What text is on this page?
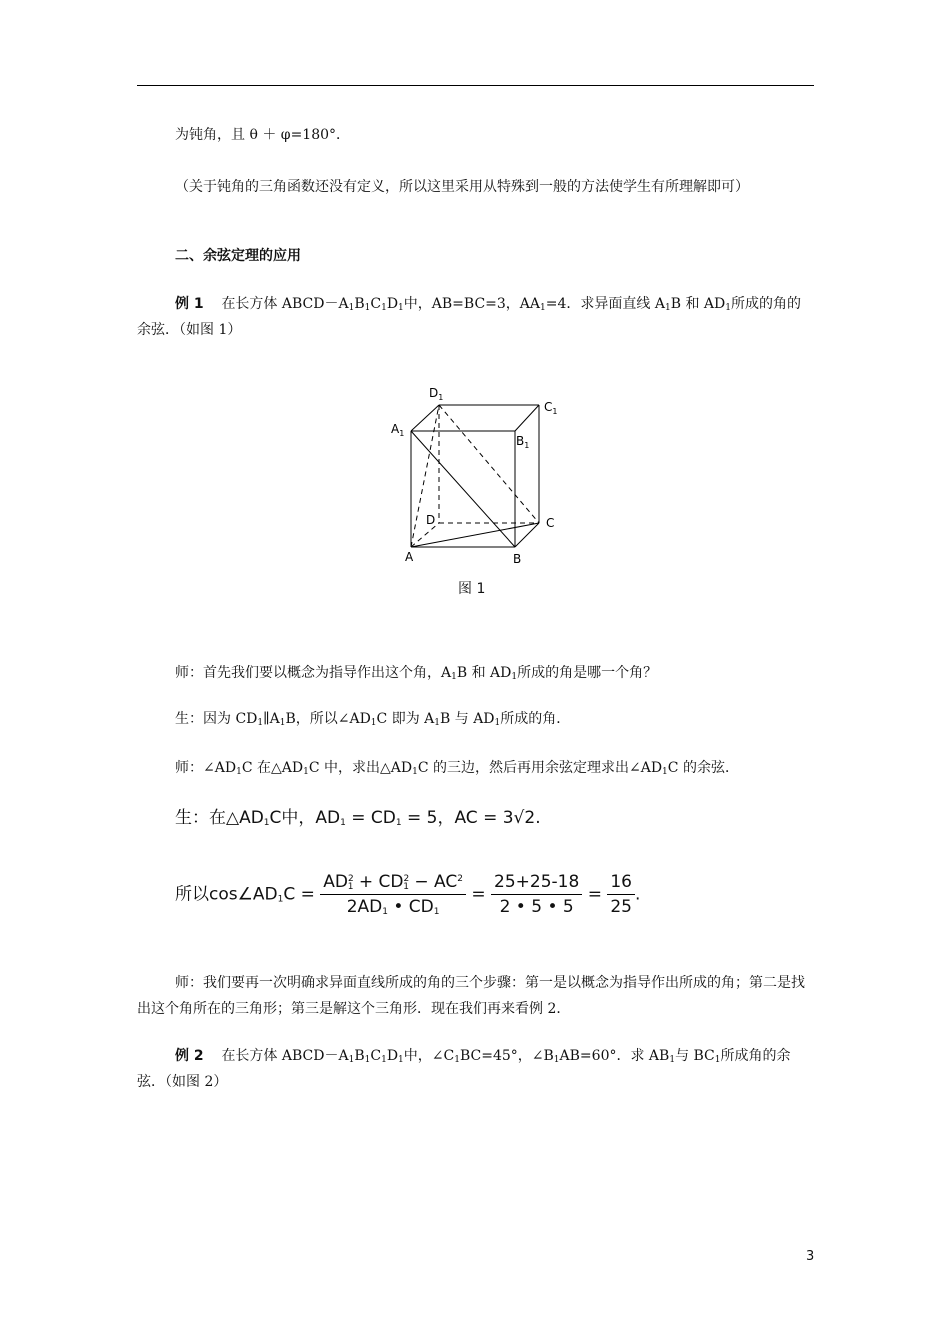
为钝角，且 θ ＋ φ=180°．
（关于钝角的三角函数还没有定义，所以这里采用从特殊到一般的方法使学生有所理解即可）
二、余弦定理的应用
例 1 在长方体 $ABCD-A_1B_1C_1D_1$中，AB=BC=3，$AA_1=4$．求异面直线 $A_1B$ 和 $AD_1$所成的角的余弦．（如图 1）
$D_1$
$C_1$
$A_1$
$B_1$
D	C
A	B
图 1
师：首先我们要以概念为指导作出这个角，$A_1B$ 和 $AD_1$所成的角是哪一个角？
生：因为 $CD_1\parallel A_1B$，所以$\angle AD_1C$ 即为 $A_1B$ 与 $AD_1$所成的角．
师：$\angle AD_1C$ 在$\triangle AD_1C$ 中，求出$\triangle AD_1C$ 的三边，然后再用余弦定理求出$\angle AD_1C$ 的余弦．
生：在$\triangle AD_1C$中，$AD_1 = CD_1 = 5$，AC = 3√2.
所以$\cos\angle AD_1C = \frac{AD^2_1 + CD^2_1 - AC^2}{2AD_1 • CD_1} = \frac{25+25-18}{2 • 5 • 5} = \frac{16}{25}$ .
师：我们要再一次明确求异面直线所成的角的三个步骤：第一是以概念为指导作出所成的角；第二是找出这个角所在的三角形；第三是解这个三角形．现在我们再来看例 2．
例 2 在长方体 $ABCD-A_1B_1C_1D_1$中，$\angle C_1BC=45^\circ$，$\angle B_1AB=60^\circ$．求 $AB_1$与 $BC_1$所成角的余弦．（如图 2）
3
